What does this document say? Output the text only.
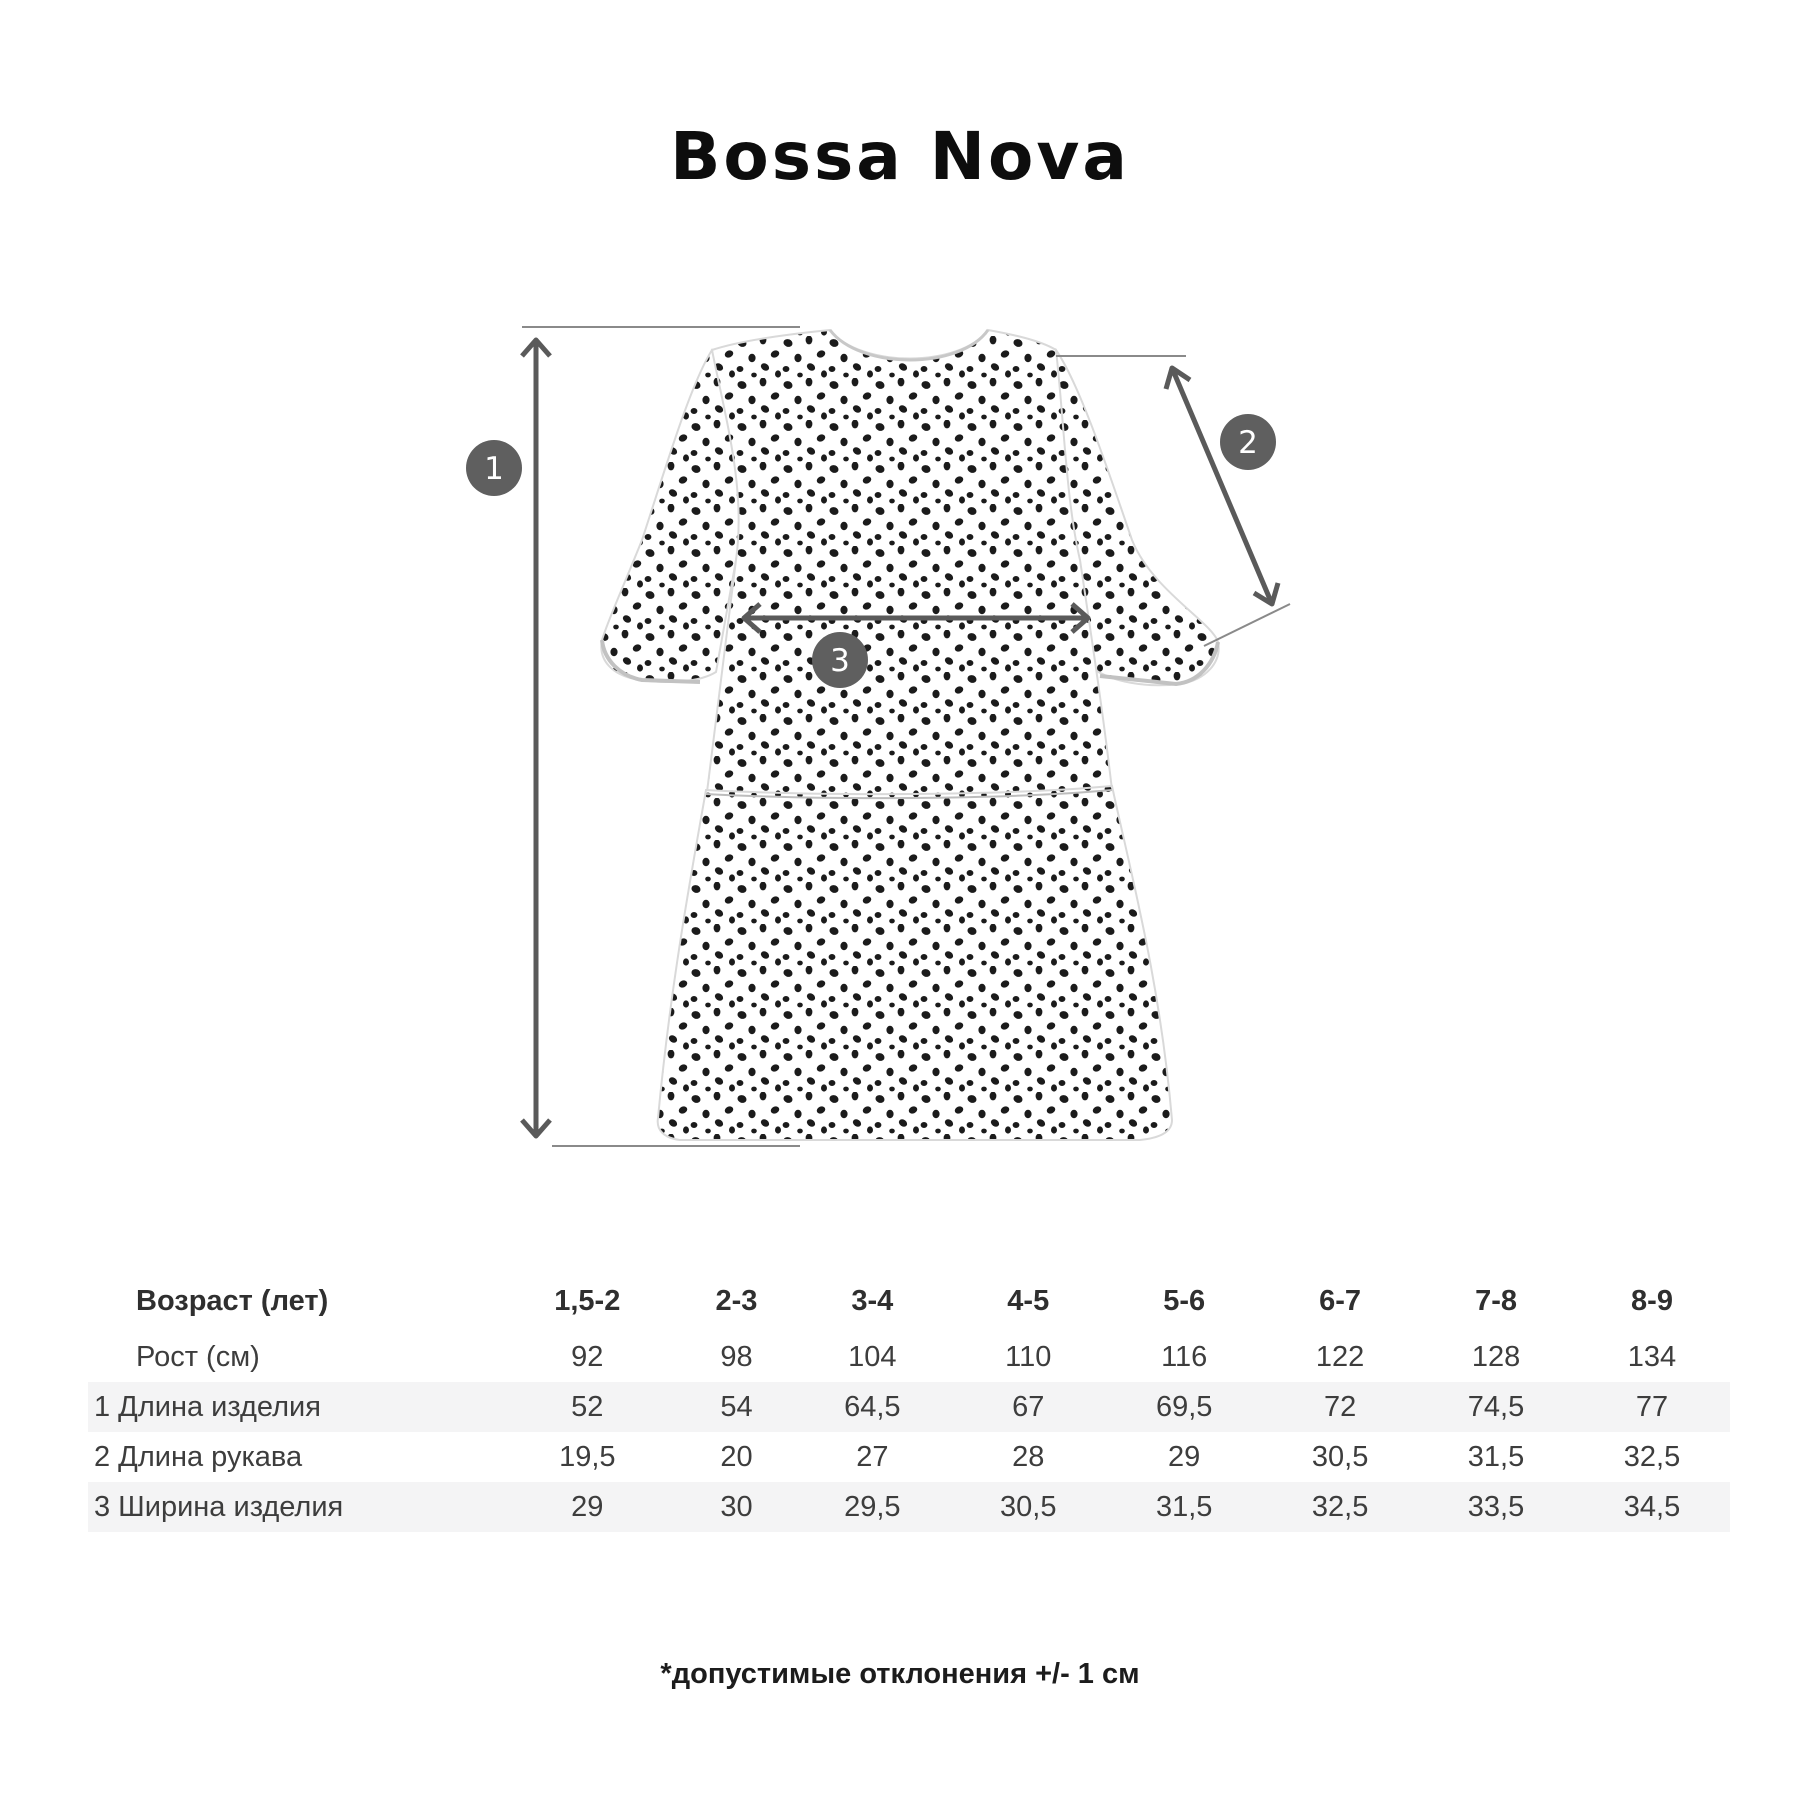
Bossa Nova
1
2
3
Возраст (лет)	1,5-2	2-3	3-4	4-5	5-6	6-7	7-8	8-9
Рост (см)	92	98	104	110	116	122	128	134
1 Длина изделия	52	54	64,5	67	69,5	72	74,5	77
2 Длина рукава	19,5	20	27	28	29	30,5	31,5	32,5
3 Ширина изделия	29	30	29,5	30,5	31,5	32,5	33,5	34,5
*допустимые отклонения +/- 1 см
